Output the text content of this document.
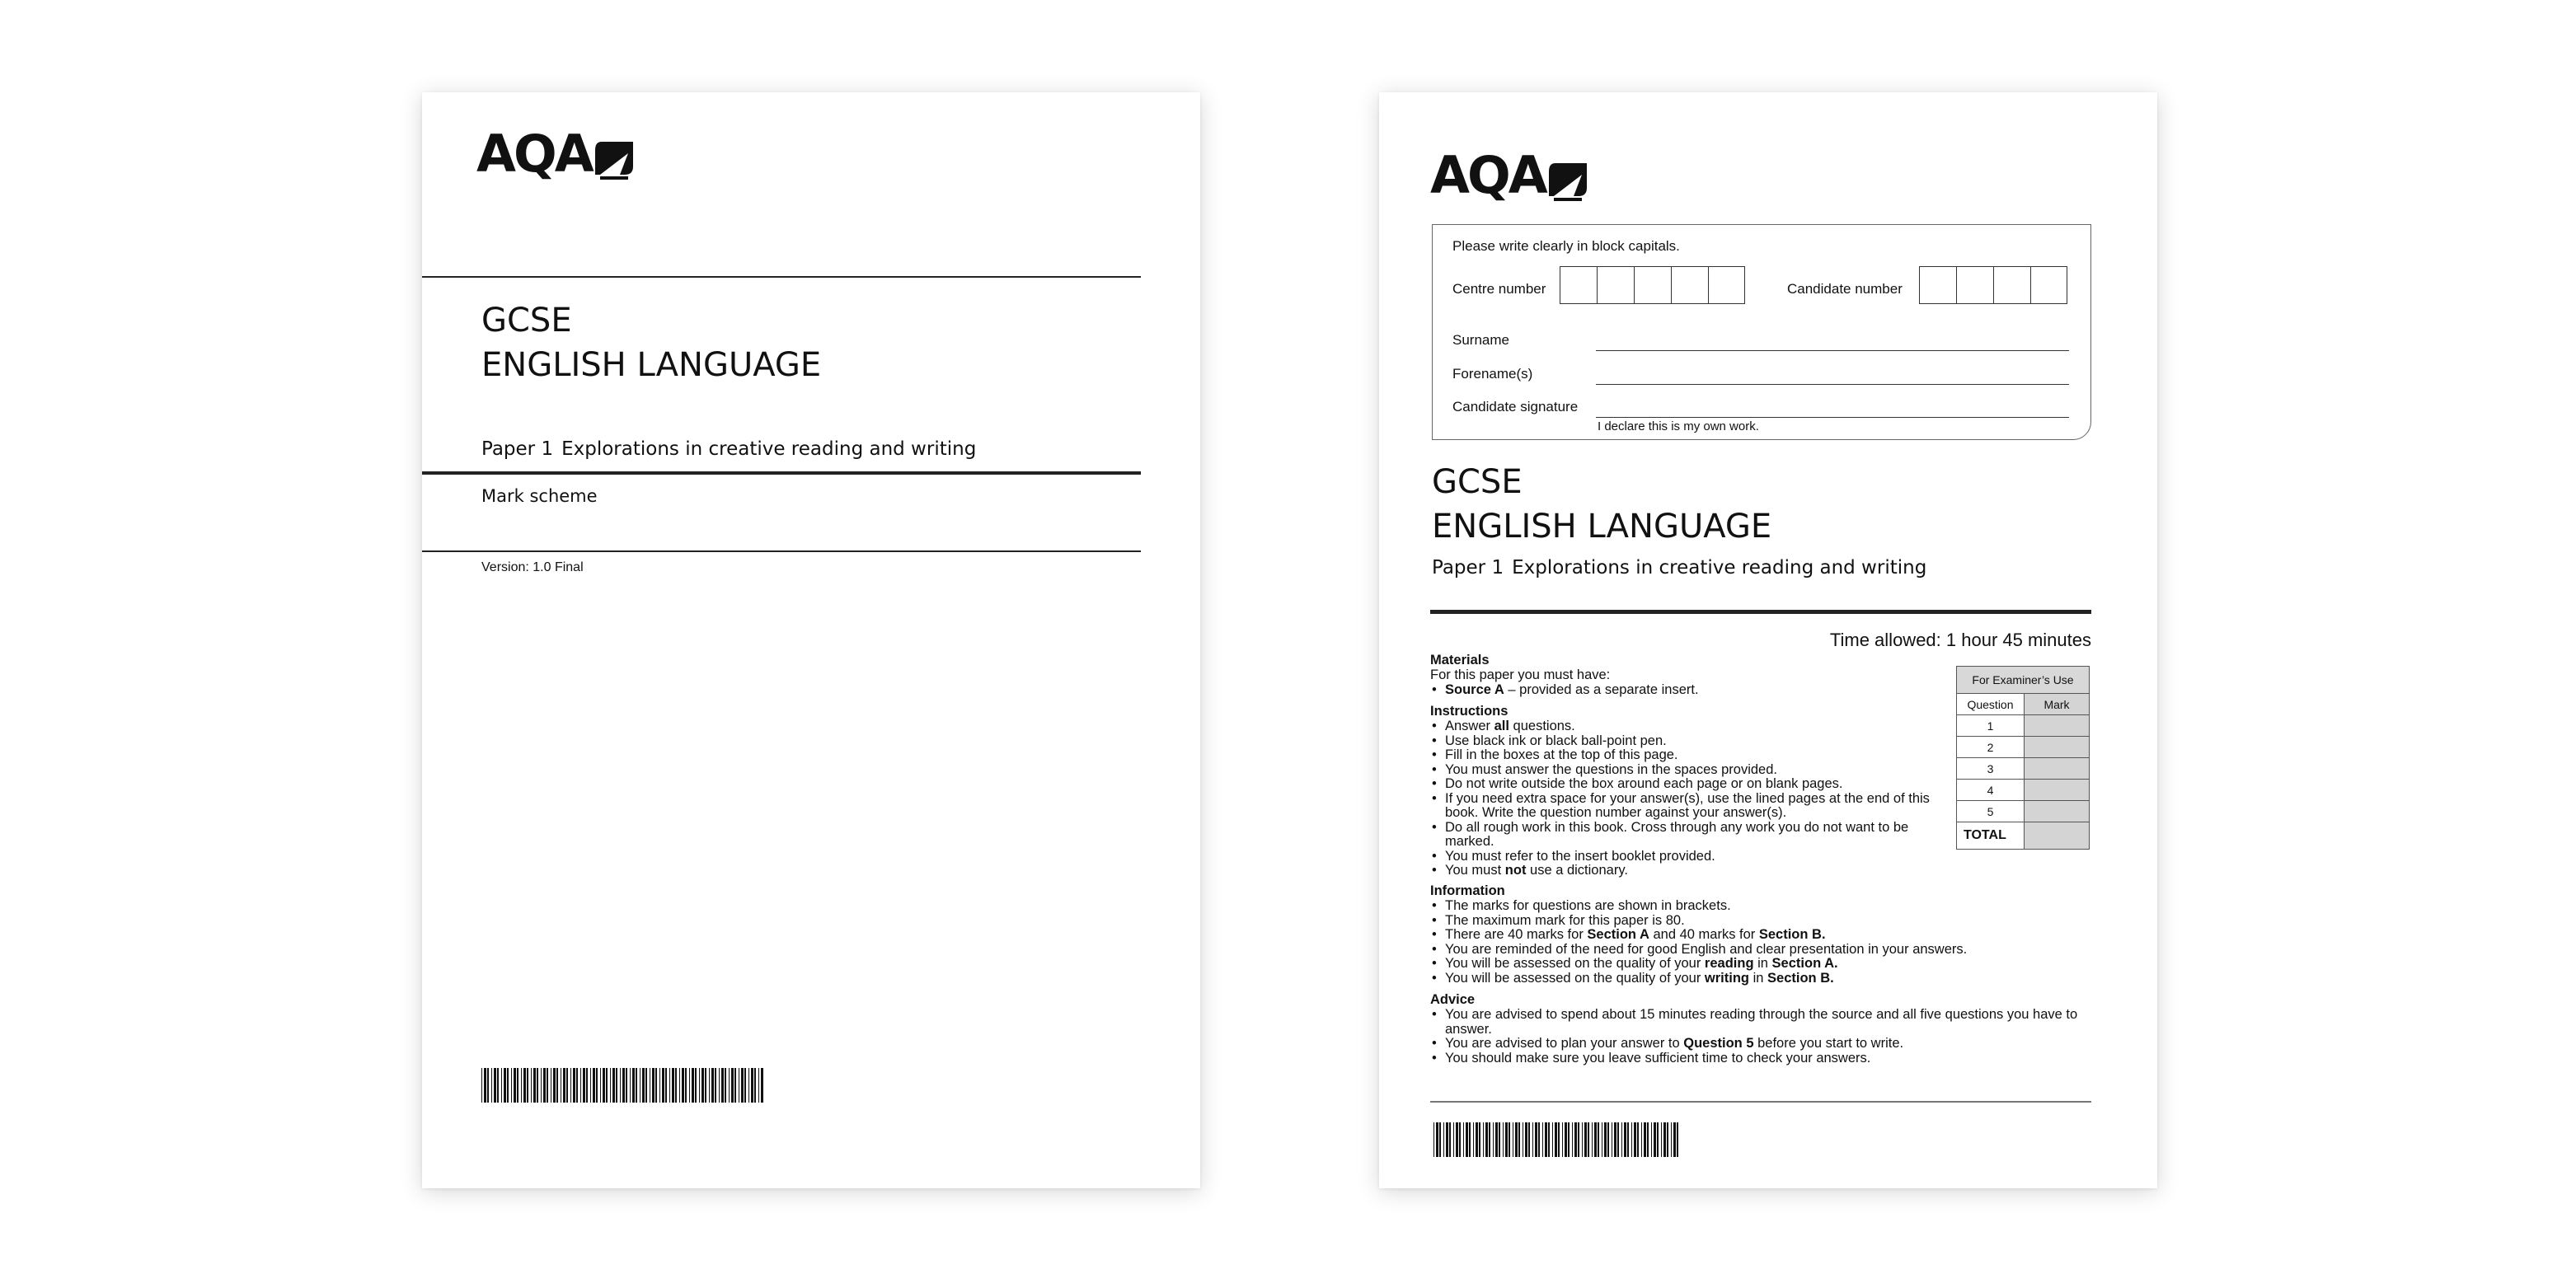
AQA
GCSE
ENGLISH LANGUAGE
Paper 1 Explorations in creative reading and writing
Mark scheme
Version: 1.0 Final
AQA
Please write clearly in block capitals.
Centre number	Candidate number
Surname
Forename(s)
Candidate signature
I declare this is my own work.
GCSE
ENGLISH LANGUAGE
Paper 1 Explorations in creative reading and writing
Time allowed: 1 hour 45 minutes
Materials
For this paper you must have:
• Source A – provided as a separate insert.
Instructions
• Answer all questions.
• Use black ink or black ball-point pen.
• Fill in the boxes at the top of this page.
• You must answer the questions in the spaces provided.
• Do not write outside the box around each page or on blank pages.
• If you need extra space for your answer(s), use the lined pages at the end of this book. Write the question number against your answer(s).
• Do all rough work in this book. Cross through any work you do not want to be marked.
• You must refer to the insert booklet provided.
• You must not use a dictionary.
Information
• The marks for questions are shown in brackets.
• The maximum mark for this paper is 80.
• There are 40 marks for Section A and 40 marks for Section B.
• You are reminded of the need for good English and clear presentation in your answers.
• You will be assessed on the quality of your reading in Section A.
• You will be assessed on the quality of your writing in Section B.
Advice
• You are advised to spend about 15 minutes reading through the source and all five questions you have to answer.
• You are advised to plan your answer to Question 5 before you start to write.
• You should make sure you leave sufficient time to check your answers.
For Examiner’s Use	
Question	Mark
1	
2	
3	
4	
5	
TOTAL	
